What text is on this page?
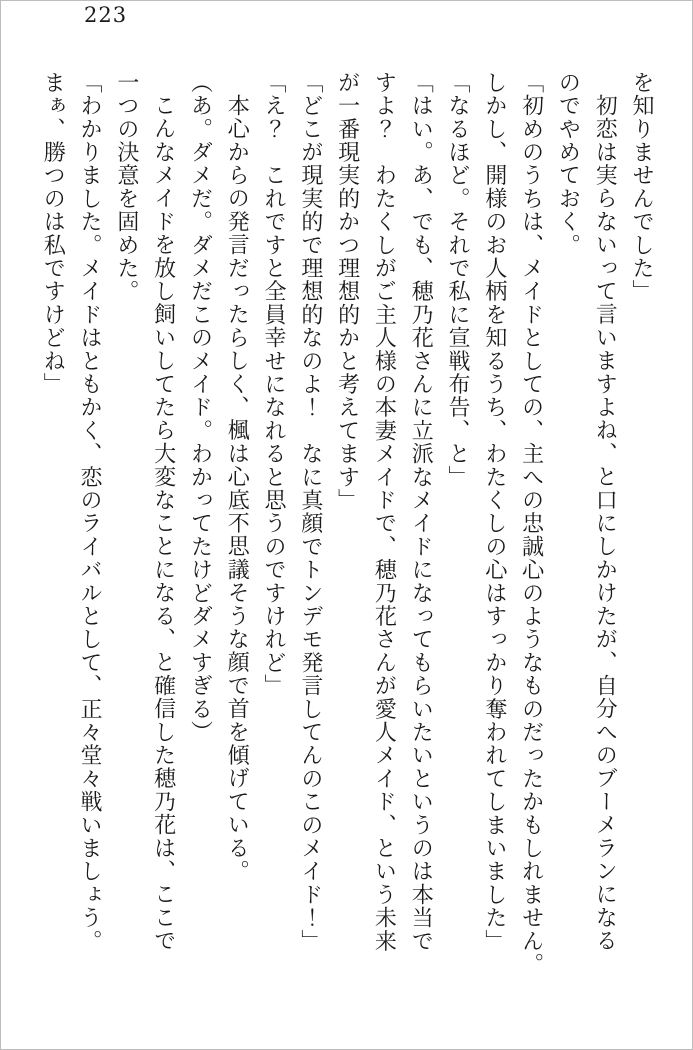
223

を知りませんでした」

初恋は実らないって言いますよね、と口にしかけたが、自分へのブーメランになる

のでやめておく。

「初めのうちは、メイドとしての、主への忠誠心のようなものだったかもしれません。

しかし、開様のお人柄を知るうち、わたくしの心はすっかり奪われてしまいました」

「なるほど。それで私に宣戦布告、と」

「はい。あ、でも、穂乃花さんに立派なメイドになってもらいたいというのは本当で

すよ？　わたくしがご主人様の本妻メイドで、穂乃花さんが愛人メイド、という未来

が一番現実的かつ理想的かと考えてます」

「どこが現実的で理想的なのよ！　なに真顔でトンデモ発言してんのこのメイド！」

「え？　これですと全員幸せになれると思うのですけれど」

本心からの発言だったらしく、楓は心底不思議そうな顔で首を傾げている。

（あ。ダメだ。ダメだこのメイド。わかってたけどダメすぎる）

こんなメイドを放し飼いしてたら大変なことになる、と確信した穂乃花は、ここで

一つの決意を固めた。

「わかりました。メイドはともかく、恋のライバルとして、正々堂々戦いましょう。

まぁ、勝つのは私ですけどね」
